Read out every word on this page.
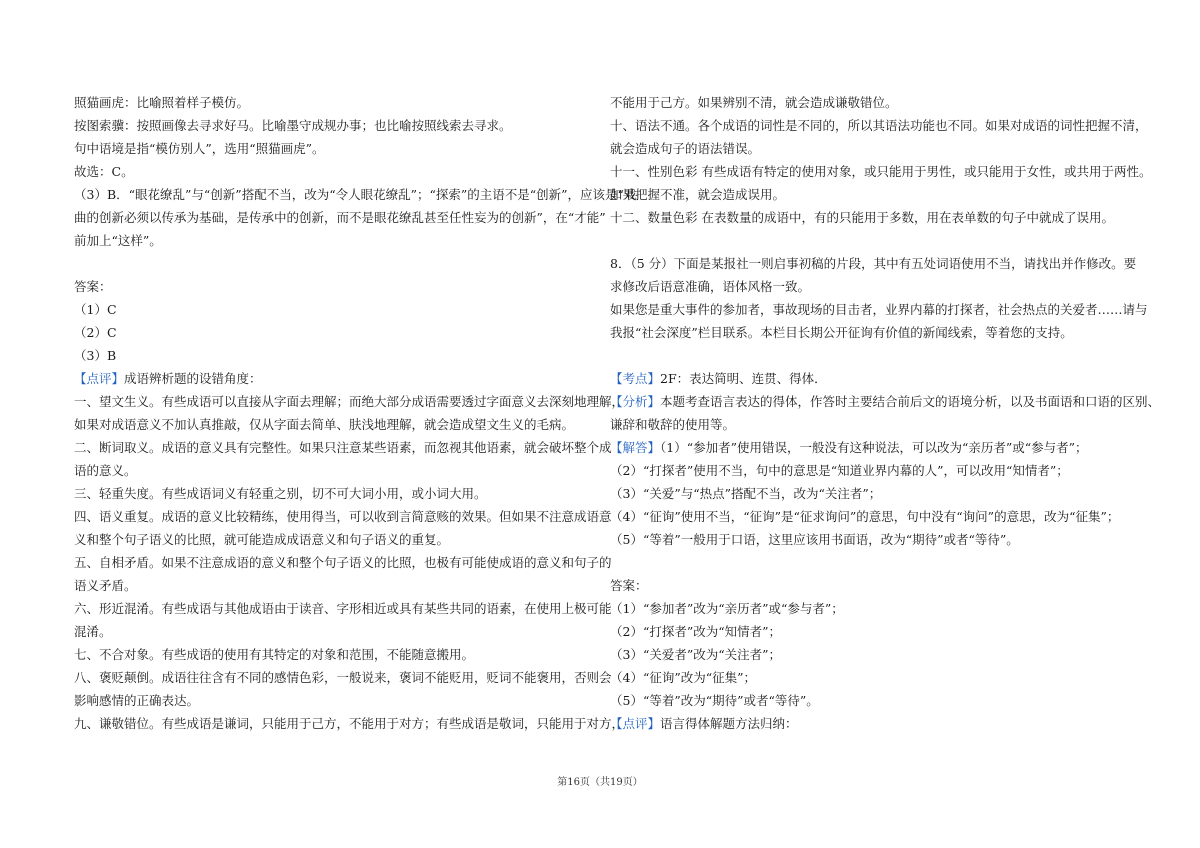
照猫画虎：比喻照着样子模仿。

按图索骥：按照画像去寻求好马。比喻墨守成规办事；也比喻按照线索去寻求。

句中语境是指“模仿别人”，选用“照猫画虎”。

故选：C。

（3）B．“眼花缭乱”与“创新”搭配不当，改为“令人眼花缭乱”；“探索”的主语不是“创新”，应该是“戏

曲的创新必须以传承为基础，是传承中的创新，而不是眼花缭乱甚至任性妄为的创新”，在“才能”

前加上“这样”。

答案：

（1）C

（2）C

（3）B

【点评】成语辨析题的设错角度：

一、望文生义。有些成语可以直接从字面去理解；而绝大部分成语需要透过字面意义去深刻地理解，

如果对成语意义不加认真推敲，仅从字面去简单、肤浅地理解，就会造成望文生义的毛病。

二、断词取义。成语的意义具有完整性。如果只注意某些语素，而忽视其他语素，就会破坏整个成

语的意义。

三、轻重失度。有些成语词义有轻重之别，切不可大词小用，或小词大用。

四、语义重复。成语的意义比较精练，使用得当，可以收到言简意赅的效果。但如果不注意成语意

义和整个句子语义的比照，就可能造成成语意义和句子语义的重复。

五、自相矛盾。如果不注意成语的意义和整个句子语义的比照，也极有可能使成语的意义和句子的

语义矛盾。

六、形近混淆。有些成语与其他成语由于读音、字形相近或具有某些共同的语素，在使用上极可能

混淆。

七、不合对象。有些成语的使用有其特定的对象和范围，不能随意搬用。

八、褒贬颠倒。成语往往含有不同的感情色彩，一般说来，褒词不能贬用，贬词不能褒用，否则会

影响感情的正确表达。

九、谦敬错位。有些成语是谦词，只能用于己方，不能用于对方；有些成语是敬词，只能用于对方，

不能用于己方。如果辨别不清，就会造成谦敬错位。

十、语法不通。各个成语的词性是不同的，所以其语法功能也不同。如果对成语的词性把握不清，

就会造成句子的语法错误。

十一、性别色彩 有些成语有特定的使用对象，或只能用于男性，或只能用于女性，或共用于两性。

如果把握不准，就会造成误用。

十二、数量色彩 在表数量的成语中，有的只能用于多数，用在表单数的句子中就成了误用。

8．（5 分）下面是某报社一则启事初稿的片段，其中有五处词语使用不当，请找出并作修改。要

求修改后语意准确，语体风格一致。

如果您是重大事件的参加者，事故现场的目击者，业界内幕的打探者，社会热点的关爱者……请与

我报“社会深度”栏目联系。本栏目长期公开征询有价值的新闻线索，等着您的支持。

【考点】2F：表达简明、连贯、得体．

【分析】本题考查语言表达的得体，作答时主要结合前后文的语境分析，以及书面语和口语的区别、

谦辞和敬辞的使用等。

【解答】（1）“参加者”使用错误，一般没有这种说法，可以改为“亲历者”或“参与者”；

（2）“打探者”使用不当，句中的意思是“知道业界内幕的人”，可以改用“知情者”；

（3）“关爱”与“热点”搭配不当，改为“关注者”；

（4）“征询”使用不当，“征询”是“征求询问”的意思，句中没有“询问”的意思，改为“征集”；

（5）“等着”一般用于口语，这里应该用书面语，改为“期待”或者“等待”。

答案：

（1）“参加者”改为“亲历者”或“参与者”；

（2）“打探者”改为“知情者”；

（3）“关爱者”改为“关注者”；

（4）“征询”改为“征集”；

（5）“等着”改为“期待”或者“等待”。

【点评】语言得体解题方法归纳：

第16页（共19页）
